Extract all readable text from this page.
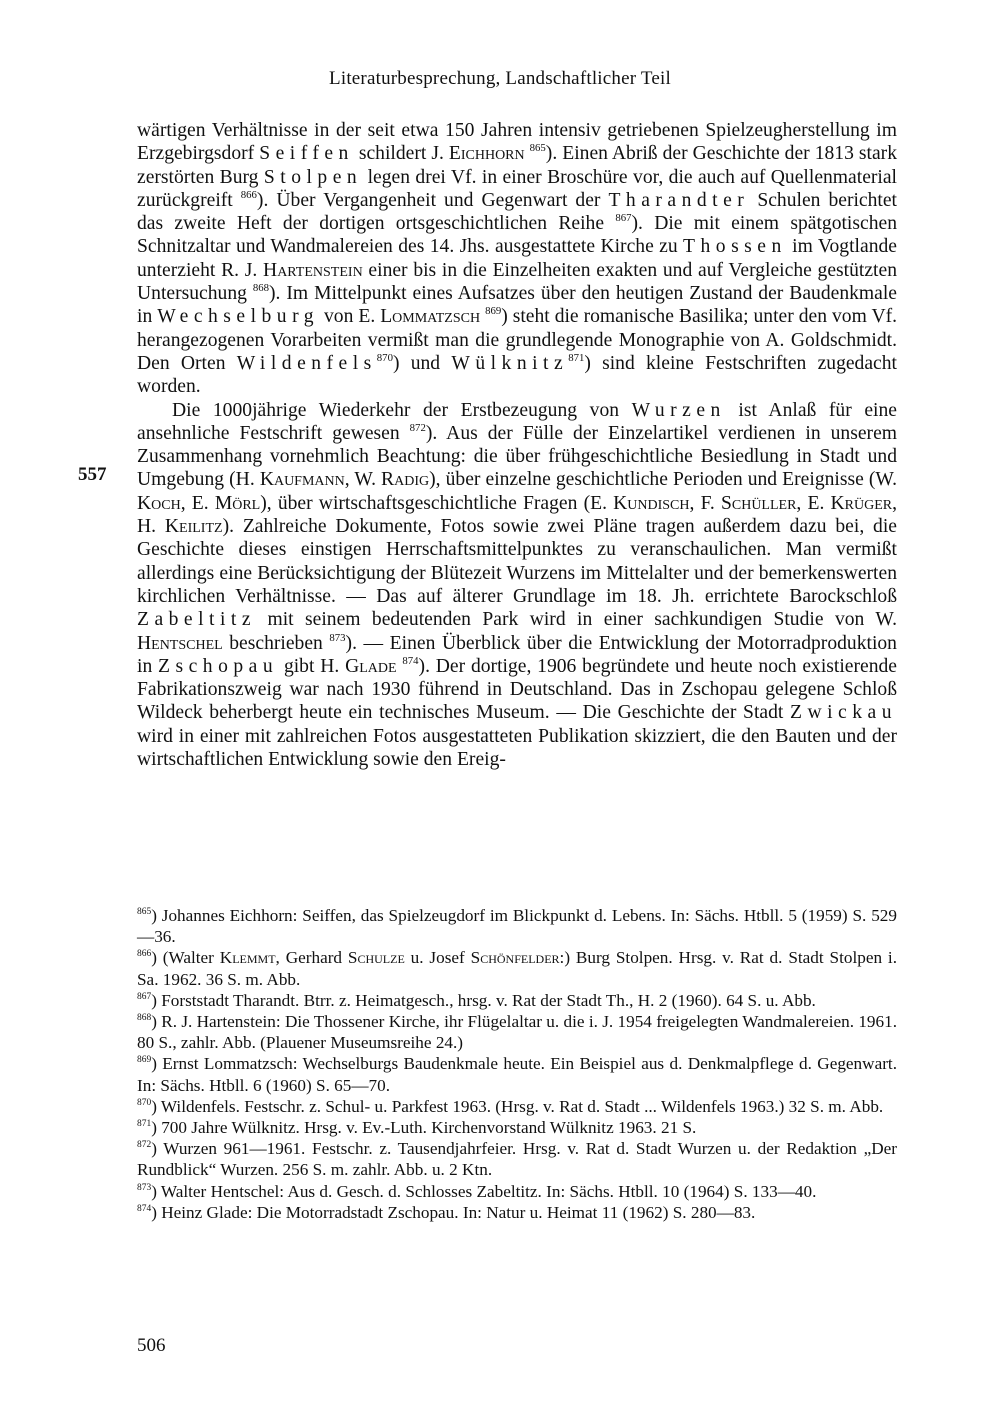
Literaturbesprechung, Landschaftlicher Teil
557

wärtigen Verhältnisse in der seit etwa 150 Jahren intensiv getriebenen Spielzeugherstellung im Erzgebirgsdorf Seiffen schildert J. Eichhorn $^{865}$). Einen Abriß der Geschichte der 1813 stark zerstörten Burg Stolpen legen drei Vf. in einer Broschüre vor, die auch auf Quellenmaterial zurückgreift $^{866}$). Über Vergangenheit und Gegenwart der Tharandter Schulen berichtet das zweite Heft der dortigen ortsgeschichtlichen Reihe $^{867}$). Die mit einem spätgotischen Schnitzaltar und Wandmalereien des 14. Jhs. ausgestattete Kirche zu Thossen im Vogtlande unterzieht R. J. Hartenstein einer bis in die Einzelheiten exakten und auf Vergleiche gestützten Untersuchung $^{868}$). Im Mittelpunkt eines Aufsatzes über den heutigen Zustand der Baudenkmale in Wechselburg von E. Lommatzsch $^{869}$) steht die romanische Basilika; unter den vom Vf. herangezogenen Vorarbeiten vermißt man die grundlegende Monographie von A. Goldschmidt. Den Orten Wildenfels$^{870}$) und Wülknitz$^{871}$) sind kleine Festschriften zugedacht worden.

Die 1000jährige Wiederkehr der Erstbezeugung von Wurzen ist Anlaß für eine ansehnliche Festschrift gewesen $^{872}$). Aus der Fülle der Einzelartikel verdienen in unserem Zusammenhang vornehmlich Beachtung: die über frühgeschichtliche Besiedlung in Stadt und Umgebung (H. Kaufmann, W. Radig), über einzelne geschichtliche Perioden und Ereignisse (W. Koch, E. Mörl), über wirtschaftsgeschichtliche Fragen (E. Kundisch, F. Schüller, E. Krüger, H. Keilitz). Zahlreiche Dokumente, Fotos sowie zwei Pläne tragen außerdem dazu bei, die Geschichte dieses einstigen Herrschaftsmittelpunktes zu veranschaulichen. Man vermißt allerdings eine Berücksichtigung der Blütezeit Wurzens im Mittelalter und der bemerkenswerten kirchlichen Verhältnisse. — Das auf älterer Grundlage im 18. Jh. errichtete Barockschloß Zabeltitz mit seinem bedeutenden Park wird in einer sachkundigen Studie von W. Hentschel beschrieben $^{873}$). — Einen Überblick über die Entwicklung der Motorradproduktion in Zschopau gibt H. Glade $^{874}$). Der dortige, 1906 begründete und heute noch existierende Fabrikationszweig war nach 1930 führend in Deutschland. Das in Zschopau gelegene Schloß Wildeck beherbergt heute ein technisches Museum. — Die Geschichte der Stadt Zwickau wird in einer mit zahlreichen Fotos ausgestatteten Publikation skizziert, die den Bauten und der wirtschaftlichen Entwicklung sowie den Ereig-

$^{865}$) Johannes Eichhorn: Seiffen, das Spielzeugdorf im Blickpunkt d. Lebens. In: Sächs. Htbll. 5 (1959) S. 529—36.

$^{866}$) (Walter Klemmt, Gerhard Schulze u. Josef Schönfelder:) Burg Stolpen. Hrsg. v. Rat d. Stadt Stolpen i. Sa. 1962. 36 S. m. Abb.

$^{867}$) Forststadt Tharandt. Btrr. z. Heimatgesch., hrsg. v. Rat der Stadt Th., H. 2 (1960). 64 S. u. Abb.

$^{868}$) R. J. Hartenstein: Die Thossener Kirche, ihr Flügelaltar u. die i. J. 1954 freigelegten Wandmalereien. 1961. 80 S., zahlr. Abb. (Plauener Museumsreihe 24.)

$^{869}$) Ernst Lommatzsch: Wechselburgs Baudenkmale heute. Ein Beispiel aus d. Denkmalpflege d. Gegenwart. In: Sächs. Htbll. 6 (1960) S. 65—70.

$^{870}$) Wildenfels. Festschr. z. Schul- u. Parkfest 1963. (Hrsg. v. Rat d. Stadt ... Wildenfels 1963.) 32 S. m. Abb.

$^{871}$) 700 Jahre Wülknitz. Hrsg. v. Ev.-Luth. Kirchenvorstand Wülknitz 1963. 21 S.

$^{872}$) Wurzen 961—1961. Festschr. z. Tausendjahrfeier. Hrsg. v. Rat d. Stadt Wurzen u. der Redaktion „Der Rundblick“ Wurzen. 256 S. m. zahlr. Abb. u. 2 Ktn.

$^{873}$) Walter Hentschel: Aus d. Gesch. d. Schlosses Zabeltitz. In: Sächs. Htbll. 10 (1964) S. 133—40.

$^{874}$) Heinz Glade: Die Motorradstadt Zschopau. In: Natur u. Heimat 11 (1962) S. 280—83.

506
